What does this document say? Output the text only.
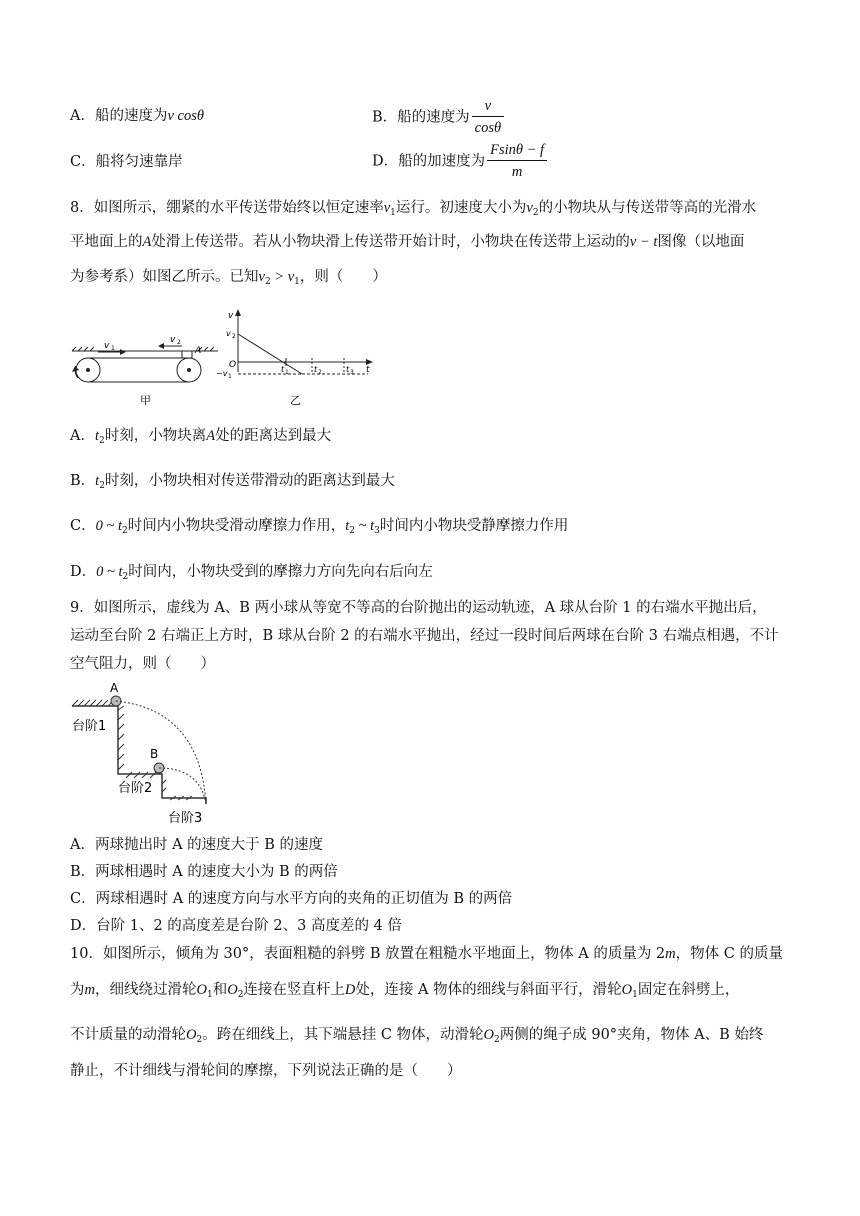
A．船的速度为v cosθ	B．船的速度为 $\frac{v}{\cos\theta}$
C．船将匀速靠岸	D．船的加速度为 $\frac{Fsin\theta - f}{m}$
8．如图所示，绷紧的水平传送带始终以恒定速率$v_1$运行。初速度大小为$v_2$的小物块从与传送带等高的光滑水
平地面上的A处滑上传送带。若从小物块滑上传送带开始计时，小物块在传送带上运动的v − t图像（以地面
为参考系）如图乙所示。已知$v_2 > v_1$，则（　　）
v 1
v 2
A
甲
v
v 2
O
−v 1
t 1	t 2	t 3 t
乙
A．$t_2$时刻，小物块离A处的距离达到最大
B．$t_2$时刻，小物块相对传送带滑动的距离达到最大
C．0 ~ $t_2$时间内小物块受滑动摩擦力作用，$t_2$ ~ $t_3$时间内小物块受静摩擦力作用
D．0 ~ $t_2$时间内，小物块受到的摩擦力方向先向右后向左
9．如图所示，虚线为 A、B 两小球从等宽不等高的台阶抛出的运动轨迹，A 球从台阶 1 的右端水平抛出后，
运动至台阶 2 右端正上方时，B 球从台阶 2 的右端水平抛出，经过一段时间后两球在台阶 3 右端点相遇，不计
空气阻力，则（　　）
A
B
台阶1
台阶2
台阶3
A．两球抛出时 A 的速度大于 B 的速度
B．两球相遇时 A 的速度大小为 B 的两倍
C．两球相遇时 A 的速度方向与水平方向的夹角的正切值为 B 的两倍
D．台阶 1、2 的高度差是台阶 2、3 高度差的 4 倍
10．如图所示，倾角为 30°，表面粗糙的斜劈 B 放置在粗糙水平地面上，物体 A 的质量为 2m，物体 C 的质量
为m，细线绕过滑轮$O_1$和$O_2$连接在竖直杆上D处，连接 A 物体的细线与斜面平行，滑轮$O_1$固定在斜劈上，
不计质量的动滑轮$O_2$。跨在细线上，其下端悬挂 C 物体，动滑轮$O_2$两侧的绳子成 90°夹角，物体 A、B 始终
静止，不计细线与滑轮间的摩擦，下列说法正确的是（　　）
